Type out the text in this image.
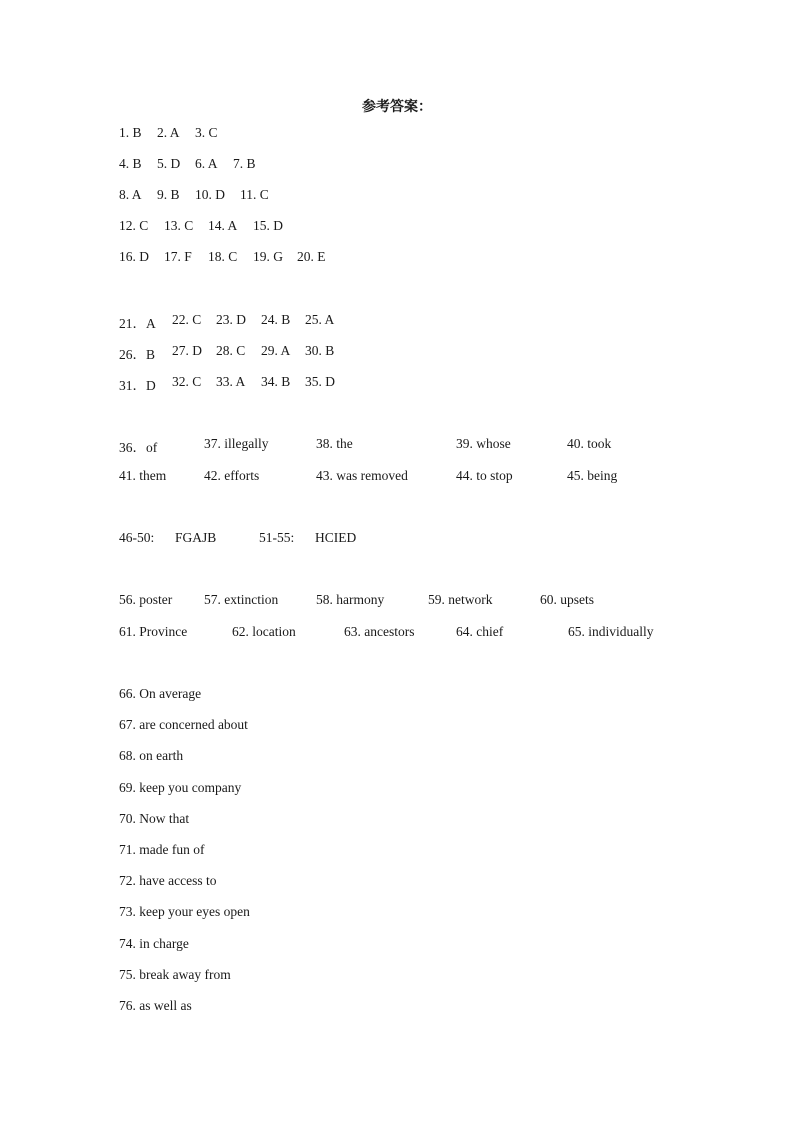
参考答案：
1. B 2. A 3. C
4. B 5. D 6. A 7. B
8. A 9. B 10. D 11. C
12. C 13. C 14. A 15. D
16. D 17. F 18. C 19. G 20. E
21．A 22. C 23. D 24. B 25. A
26．B 27. D 28. C 29. A 30. B
31．D 32. C 33. A 34. B 35. D
36．of	37. illegally	38. the	39. whose	40. took
41. them	42. efforts	43. was removed	44. to stop	45. being
46-50: FGAJB	51-55: HCIED
56. poster 57. extinction	58. harmony	59. network	60. upsets
61. Province	62. location	63. ancestors	64. chief	65. individually
66. On average
67. are concerned about
68. on earth
69. keep you company
70. Now that
71. made fun of
72. have access to
73. keep your eyes open
74. in charge
75. break away from
76. as well as
